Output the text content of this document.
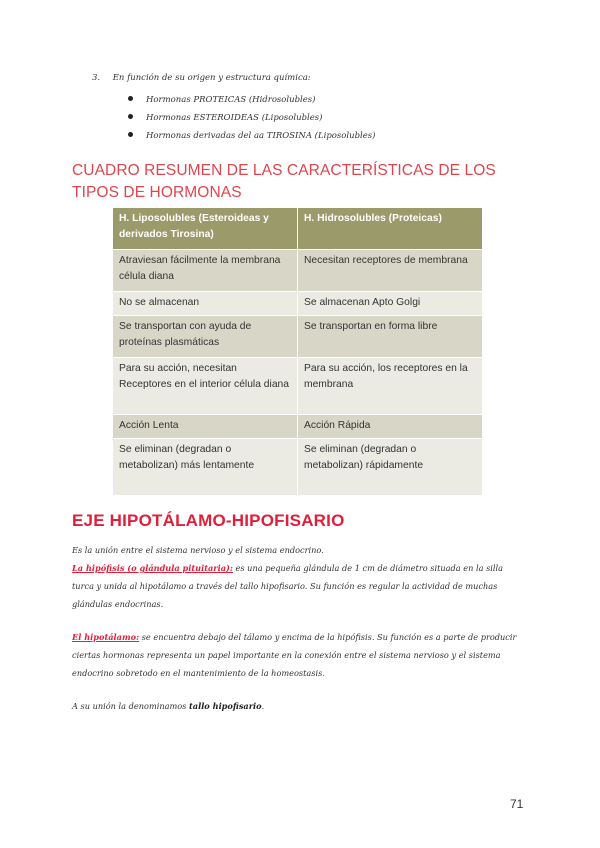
3. En función de su origen y estructura química:
Hormonas PROTEICAS (Hidrosolubles)
Hormonas ESTEROIDEAS (Liposolubles)
Hormonas derivadas del aa TIROSINA (Liposolubles)
CUADRO RESUMEN DE LAS CARACTERÍSTICAS DE LOS TIPOS DE HORMONAS
H. Liposolubles (Esteroideas y derivados Tirosina)	H. Hidrosolubles (Proteicas)
Atraviesan fácilmente la membrana célula diana	Necesitan receptores de membrana
No se almacenan	Se almacenan Apto Golgi
Se transportan con ayuda de proteínas plasmáticas	Se transportan en forma libre
Para su acción, necesitan Receptores en el interior célula diana	Para su acción, los receptores en la membrana
Acción Lenta	Acción Rápida
Se eliminan (degradan o metabolizan) más lentamente	Se eliminan (degradan o metabolizan) rápidamente
EJE HIPOTÁLAMO-HIPOFISARIO

Es la unión entre el sistema nervioso y el sistema endocrino.

La hipófisis (o glándula pituitaria): es una pequeña glándula de 1 cm de diámetro situada en la silla turca y unida al hipotálamo a través del tallo hipofisario. Su función es regular la actividad de muchas glándulas endocrinas.

El hipotálamo: se encuentra debajo del tálamo y encima de la hipófisis. Su función es a parte de producir ciertas hormonas representa un papel importante en la conexión entre el sistema nervioso y el sistema endocrino sobretodo en el mantenimiento de la homeostasis.

A su unión la denominamos tallo hipofisario.

71
